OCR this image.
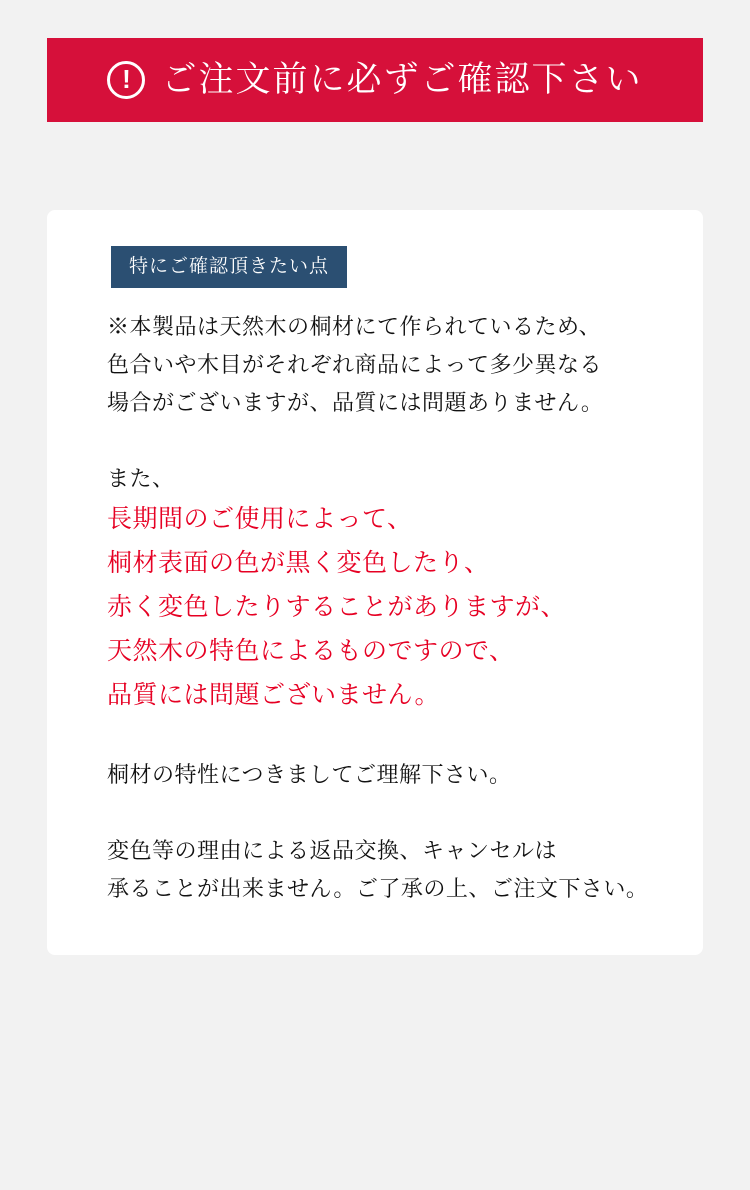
! ご注文前に必ずご確認下さい
特にご確認頂きたい点

※本製品は天然木の桐材にて作られているため、
色合いや木目がそれぞれ商品によって多少異なる
場合がございますが、品質には問題ありません。

また、

長期間のご使用によって、
桐材表面の色が黒く変色したり、
赤く変色したりすることがありますが、
天然木の特色によるものですので、
品質には問題ございません。

桐材の特性につきましてご理解下さい。

変色等の理由による返品交換、キャンセルは
承ることが出来ません。ご了承の上、ご注文下さい。
